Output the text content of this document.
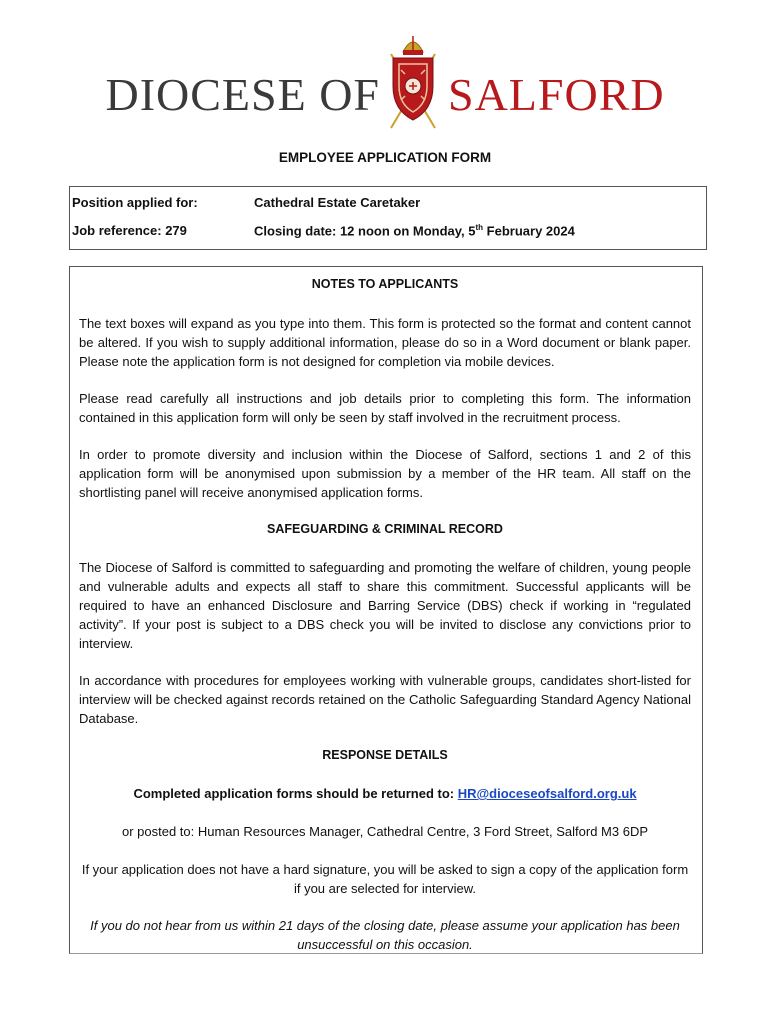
DIOCESE OF SALFORD
EMPLOYEE APPLICATION FORM
Position applied for:	Cathedral Estate Caretaker
Job reference: 279	Closing date: 12 noon on Monday, 5th February 2024

NOTES TO APPLICANTS

The text boxes will expand as you type into them. This form is protected so the format and content cannot be altered. If you wish to supply additional information, please do so in a Word document or blank paper. Please note the application form is not designed for completion via mobile devices.

Please read carefully all instructions and job details prior to completing this form. The information contained in this application form will only be seen by staff involved in the recruitment process.

In order to promote diversity and inclusion within the Diocese of Salford, sections 1 and 2 of this application form will be anonymised upon submission by a member of the HR team. All staff on the shortlisting panel will receive anonymised application forms.

SAFEGUARDING & CRIMINAL RECORD

The Diocese of Salford is committed to safeguarding and promoting the welfare of children, young people and vulnerable adults and expects all staff to share this commitment. Successful applicants will be required to have an enhanced Disclosure and Barring Service (DBS) check if working in “regulated activity”. If your post is subject to a DBS check you will be invited to disclose any convictions prior to interview.

In accordance with procedures for employees working with vulnerable groups, candidates short-listed for interview will be checked against records retained on the Catholic Safeguarding Standard Agency National Database.

RESPONSE DETAILS

Completed application forms should be returned to: HR@dioceseofsalford.org.uk

or posted to: Human Resources Manager, Cathedral Centre, 3 Ford Street, Salford M3 6DP

If your application does not have a hard signature, you will be asked to sign a copy of the application form if you are selected for interview.

If you do not hear from us within 21 days of the closing date, please assume your application has been unsuccessful on this occasion.
